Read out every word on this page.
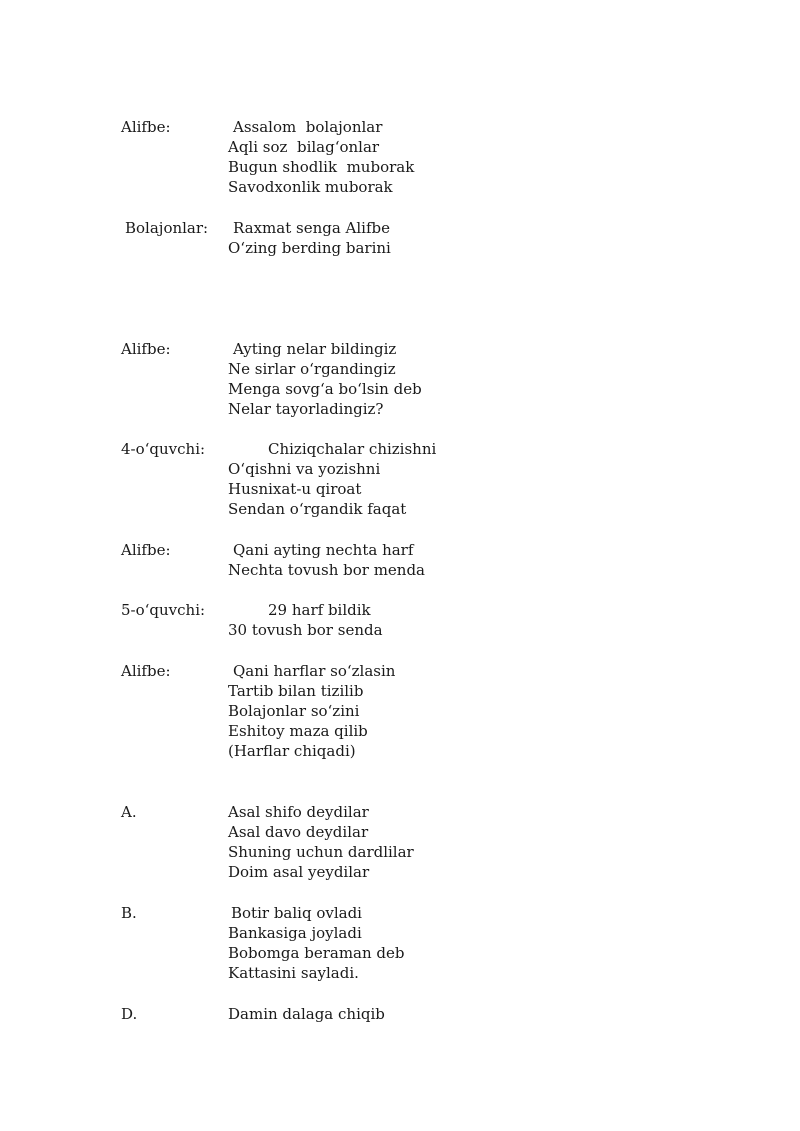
Alifbe:	Assalom  bolajonlar

Aqli soz  bilag‘onlar

Bugun shodlik  muborak

Savodxonlik muborak

Bolajonlar: Raxmat senga Alifbe

O‘zing berding barini

Alifbe:	Ayting nelar bildingiz

Ne sirlar o‘rgandingiz

Menga sovg‘a bo‘lsin deb

Nelar tayorladingiz?

4-o‘quvchi:	Chiziqchalar chizishni

O‘qishni va yozishni

Husnixat-u qiroat

Sendan o‘rgandik faqat

Alifbe:	Qani ayting nechta harf

Nechta tovush bor menda

5-o‘quvchi:	29 harf bildik

30 tovush bor senda

Alifbe:	Qani harflar so‘zlasin

Tartib bilan tizilib

Bolajonlar so‘zini

Eshitoy maza qilib

(Harflar chiqadi)

A.	Asal shifo deydilar

Asal davo deydilar

Shuning uchun dardlilar

Doim asal yeydilar

B.	Botir baliq ovladi

Bankasiga joyladi

Bobomga beraman deb

Kattasini sayladi.

D.	Damin dalaga chiqib
